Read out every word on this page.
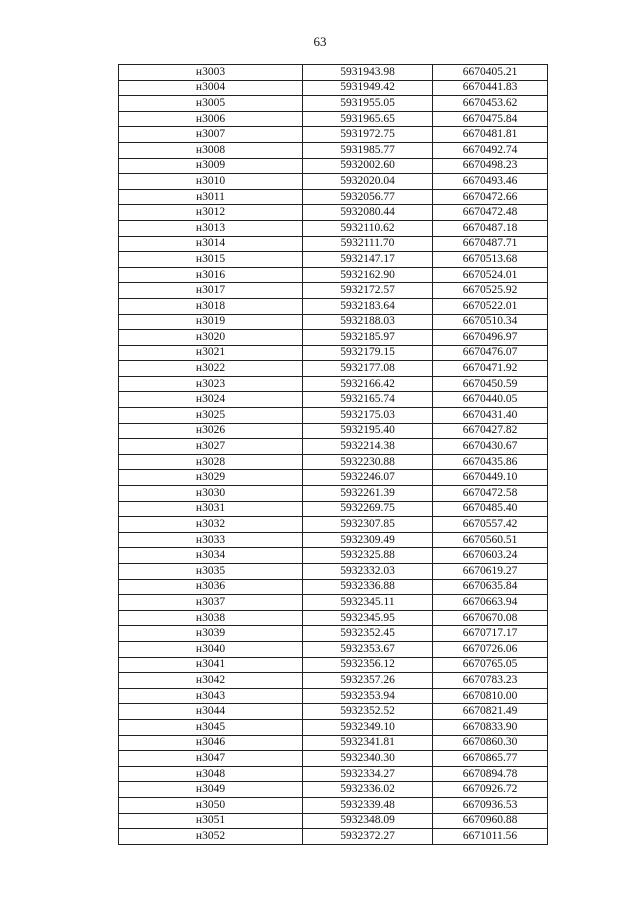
63
н3003	5931943.98	6670405.21
н3004	5931949.42	6670441.83
н3005	5931955.05	6670453.62
н3006	5931965.65	6670475.84
н3007	5931972.75	6670481.81
н3008	5931985.77	6670492.74
н3009	5932002.60	6670498.23
н3010	5932020.04	6670493.46
н3011	5932056.77	6670472.66
н3012	5932080.44	6670472.48
н3013	5932110.62	6670487.18
н3014	5932111.70	6670487.71
н3015	5932147.17	6670513.68
н3016	5932162.90	6670524.01
н3017	5932172.57	6670525.92
н3018	5932183.64	6670522.01
н3019	5932188.03	6670510.34
н3020	5932185.97	6670496.97
н3021	5932179.15	6670476.07
н3022	5932177.08	6670471.92
н3023	5932166.42	6670450.59
н3024	5932165.74	6670440.05
н3025	5932175.03	6670431.40
н3026	5932195.40	6670427.82
н3027	5932214.38	6670430.67
н3028	5932230.88	6670435.86
н3029	5932246.07	6670449.10
н3030	5932261.39	6670472.58
н3031	5932269.75	6670485.40
н3032	5932307.85	6670557.42
н3033	5932309.49	6670560.51
н3034	5932325.88	6670603.24
н3035	5932332.03	6670619.27
н3036	5932336.88	6670635.84
н3037	5932345.11	6670663.94
н3038	5932345.95	6670670.08
н3039	5932352.45	6670717.17
н3040	5932353.67	6670726.06
н3041	5932356.12	6670765.05
н3042	5932357.26	6670783.23
н3043	5932353.94	6670810.00
н3044	5932352.52	6670821.49
н3045	5932349.10	6670833.90
н3046	5932341.81	6670860.30
н3047	5932340.30	6670865.77
н3048	5932334.27	6670894.78
н3049	5932336.02	6670926.72
н3050	5932339.48	6670936.53
н3051	5932348.09	6670960.88
н3052	5932372.27	6671011.56
